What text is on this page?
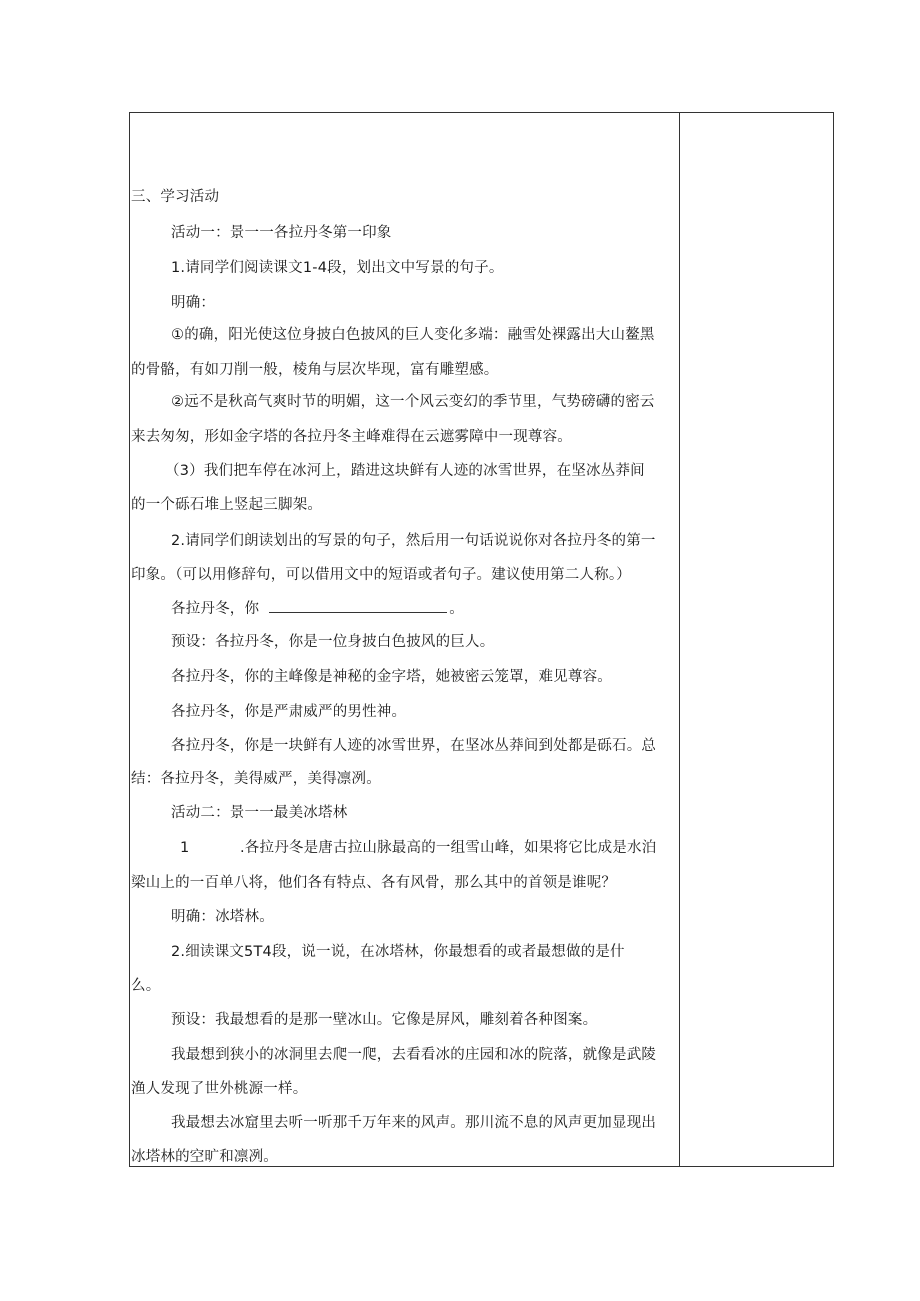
三、学习活动
活动一：景一一各拉丹冬第一印象
1.请同学们阅读课文1-4段，划出文中写景的句子。
明确：
①的确，阳光使这位身披白色披风的巨人变化多端：融雪处裸露出大山鳌黑
的骨骼，有如刀削一般，棱角与层次毕现，富有雕塑感。
②远不是秋高气爽时节的明媚，这一个风云变幻的季节里，气势磅礴的密云
来去匆匆，形如金字塔的各拉丹冬主峰难得在云遮雾障中一现尊容。
（3）我们把车停在冰河上，踏进这块鲜有人迹的冰雪世界，在坚冰丛莽间
的一个砾石堆上竖起三脚架。
2.请同学们朗读划出的写景的句子，然后用一句话说说你对各拉丹冬的第一
印象。（可以用修辞句，可以借用文中的短语或者句子。建议使用第二人称。）
各拉丹冬，你	。
预设：各拉丹冬，你是一位身披白色披风的巨人。
各拉丹冬，你的主峰像是神秘的金字塔，她被密云笼罩，难见尊容。
各拉丹冬，你是严肃威严的男性神。
各拉丹冬，你是一块鲜有人迹的冰雪世界，在坚冰丛莽间到处都是砾石。总
结：各拉丹冬，美得威严，美得凛冽。
活动二：景一一最美冰塔林
1	.各拉丹冬是唐古拉山脉最高的一组雪山峰，如果将它比成是水泊
梁山上的一百单八将，他们各有特点、各有风骨，那么其中的首领是谁呢？
明确：冰塔林。
2.细读课文5T4段，说一说，在冰塔林，你最想看的或者最想做的是什
么。
预设：我最想看的是那一壁冰山。它像是屏风，雕刻着各种图案。
我最想到狭小的冰洞里去爬一爬，去看看冰的庄园和冰的院落，就像是武陵
渔人发现了世外桃源一样。
我最想去冰窟里去听一听那千万年来的风声。那川流不息的风声更加显现出
冰塔林的空旷和凛冽。
